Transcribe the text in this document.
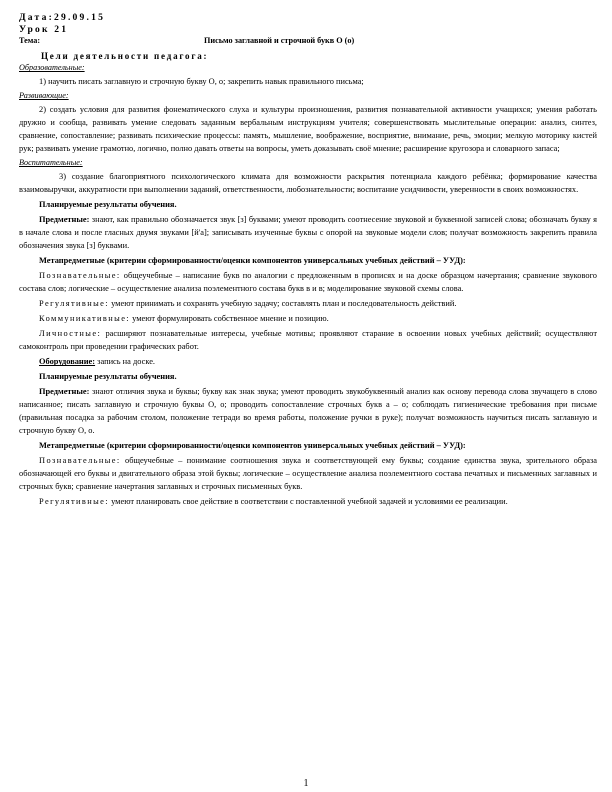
Дата:29.09.15
Урок 21
Тема:	Письмо заглавной и строчной букв О (о)
Цели деятельности педагога:
Образовательные:

1) научить писать заглавную и строчную букву О, о; закрепить навык правильного письма;

Развивающие:

2) создать условия для развития фонематического слуха и культуры произношения, развития познавательной активности учащихся; умения работать дружно и сообща, развивать умение следовать заданным вербальным инструкциям учителя; совершенствовать мыслительные операции: анализ, синтез, сравнение, сопоставление; развивать психические процессы: память, мышление, воображение, восприятие, внимание, речь, эмоции; мелкую моторику кистей рук; развивать умение грамотно, логично, полно давать ответы на вопросы, уметь доказывать своё мнение; расширение кругозора и словарного запаса;

Воспитательные:

3) создание благоприятного психологического климата для возможности раскрытия потенциала каждого ребёнка; формирование качества взаимовыручки, аккуратности при выполнении заданий, ответственности, любознательности; воспитание усидчивости, уверенности в своих возможностях.

Планируемые результаты обучения.

Предметные: знают, как правильно обозначается звук [з] буквами; умеют проводить соотнесение звуковой и буквенной записей слова; обозначать букву я в начале слова и после гласных двумя звуками [й'а]; записывать изученные буквы с опорой на звуковые модели слов; получат возможность закрепить правила обозначения звука [з] буквами.

Метапредметные (критерии сформированности/оценки компонентов универсальных учебных действий – УУД):

Познавательные: общеучебные – написание букв по аналогии с предложенным в прописях и на доске образцом начертания; сравнение звукового состава слов; логические – осуществление анализа поэлементного состава букв в и в; моделирование звуковой схемы слова.

Регулятивные: умеют принимать и сохранять учебную задачу; составлять план и последовательность действий.

Коммуникативные: умеют формулировать собственное мнение и позицию.

Личностные: расширяют познавательные интересы, учебные мотивы; проявляют старание в освоении новых учебных действий; осуществляют самоконтроль при проведении графических работ.

Оборудование: запись на доске.

Планируемые результаты обучения.

Предметные: знают отличия звука и буквы; букву как знак звука; умеют проводить звукобуквенный анализ как основу перевода слова звучащего в слово написанное; писать заглавную и строчную буквы О, о; проводить сопоставление строчных букв а – о; соблюдать гигиенические требования при письме (правильная посадка за рабочим столом, положение тетради во время работы, положение ручки в руке); получат возможность научиться писать заглавную и строчную букву О, о.

Метапредметные (критерии сформированности/оценки компонентов универсальных учебных действий – УУД):

Познавательные: общеучебные – понимание соотношения звука и соответствующей ему буквы; создание единства звука, зрительного образа обозначающей его буквы и двигательного образа этой буквы; логические – осуществление анализа поэлементного состава печатных и письменных заглавных и строчных букв; сравнение начертания заглавных и строчных письменных букв.

Регулятивные: умеют планировать свое действие в соответствии с поставленной учебной задачей и условиями ее реализации.

1
